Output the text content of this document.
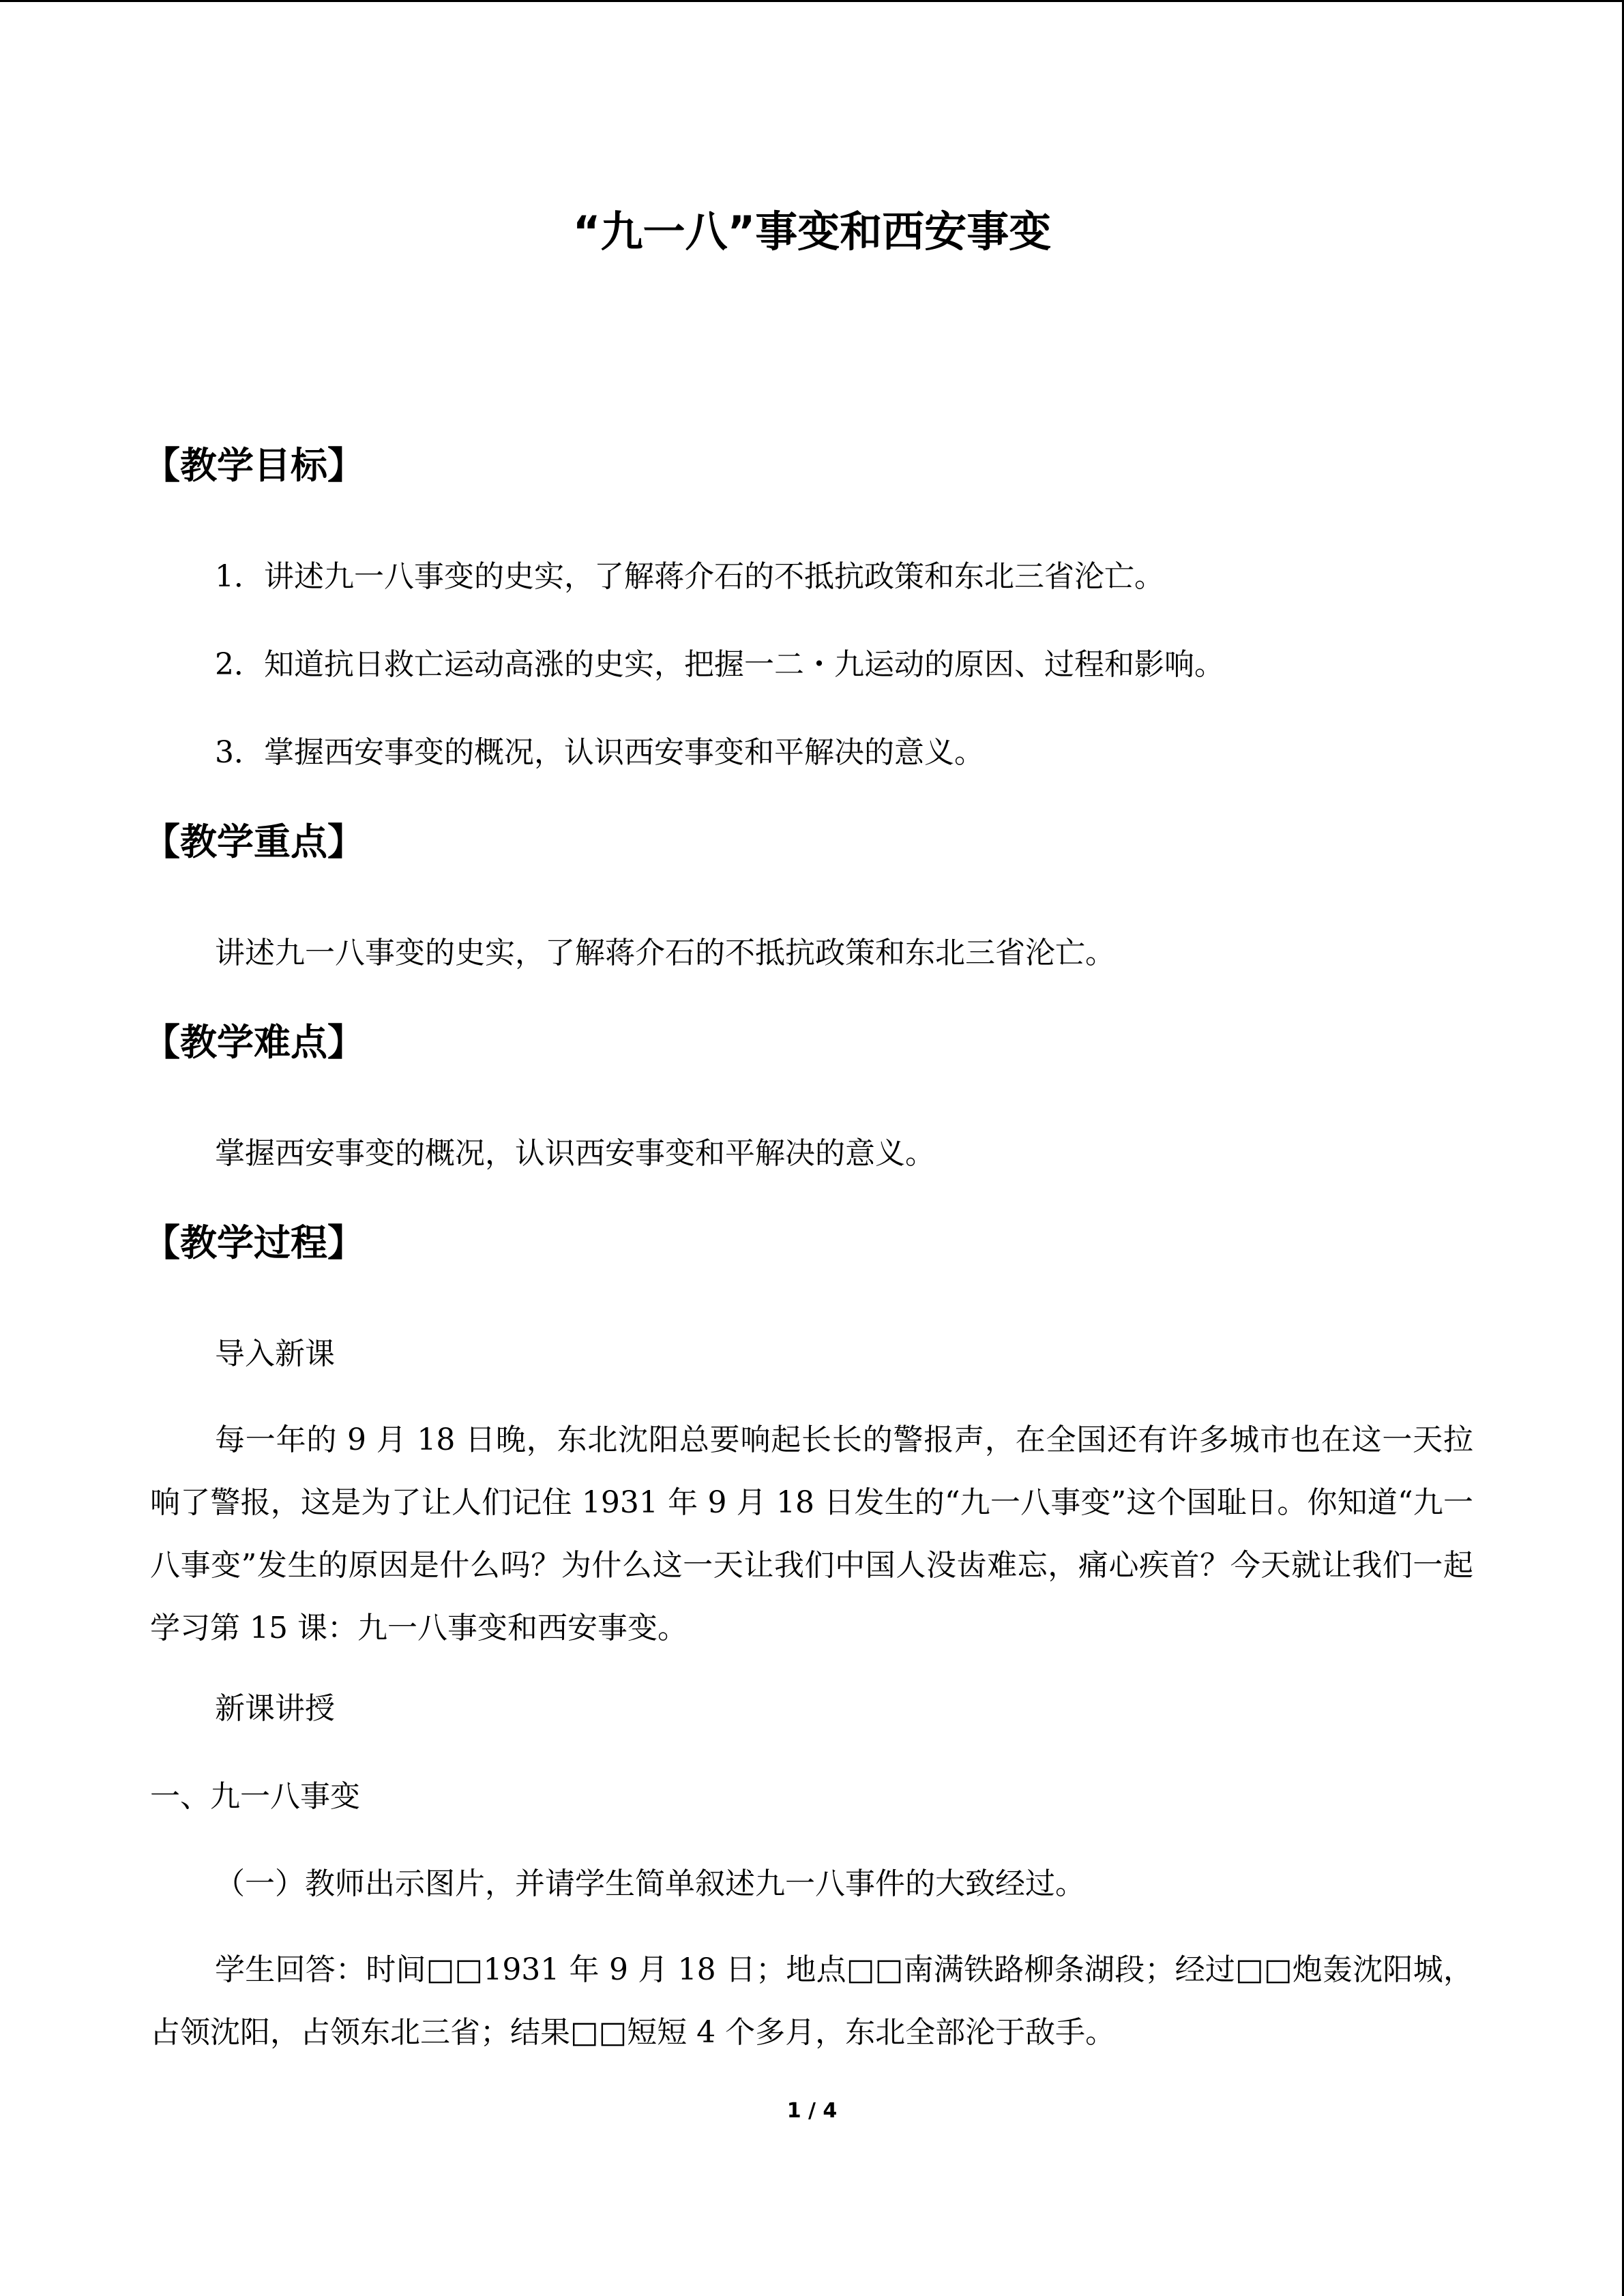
“九一八”事变和西安事变
【教学目标】
1．讲述九一八事变的史实，了解蒋介石的不抵抗政策和东北三省沦亡。
2．知道抗日救亡运动高涨的史实，把握一二・九运动的原因、过程和影响。
3．掌握西安事变的概况，认识西安事变和平解决的意义。
【教学重点】
讲述九一八事变的史实，了解蒋介石的不抵抗政策和东北三省沦亡。
【教学难点】
掌握西安事变的概况，认识西安事变和平解决的意义。
【教学过程】
导入新课
每一年的 9 月 18 日晚，东北沈阳总要响起长长的警报声，在全国还有许多城市也在这一天拉响了警报，这是为了让人们记住 1931 年 9 月 18 日发生的“九一八事变”这个国耻日。你知道“九一八事变”发生的原因是什么吗？为什么这一天让我们中国人没齿难忘，痛心疾首？今天就让我们一起学习第 15 课：九一八事变和西安事变。
新课讲授
一、九一八事变
（一）教师出示图片，并请学生简单叙述九一八事件的大致经过。
学生回答：时间□□1931 年 9 月 18 日；地点□□南满铁路柳条湖段；经过□□炮轰沈阳城，占领沈阳，占领东北三省；结果□□短短 4 个多月，东北全部沦于敌手。
1 / 4
